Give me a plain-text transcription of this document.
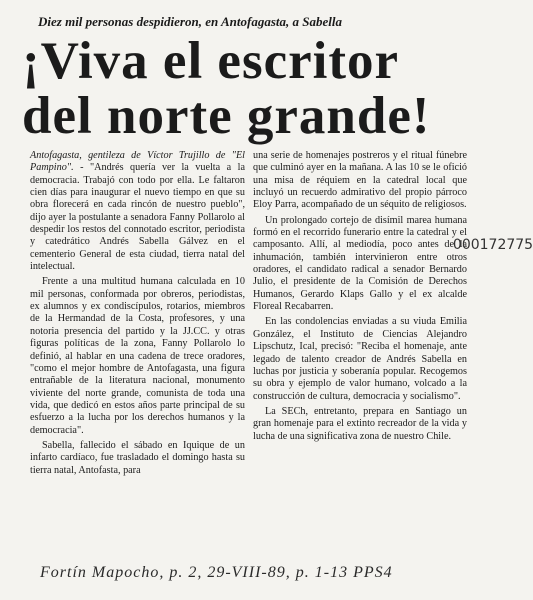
Diez mil personas despidieron, en Antofagasta, a Sabella
¡Viva el escritor
del norte grande!

Antofagasta, gentileza de Víctor Trujillo de "El Pampino". - "Andrés quería ver la vuelta a la democracia. Trabajó con todo por ella. Le faltaron cien días para inaugurar el nuevo tiempo en que su obra florecerá en cada rincón de nuestro pueblo", dijo ayer la postulante a senadora Fanny Pollarolo al despedir los restos del connotado escritor, periodista y catedrático Andrés Sabella Gálvez en el cementerio General de esta ciudad, tierra natal del intelectual.

Frente a una multitud humana calculada en 10 mil personas, conformada por obreros, periodistas, ex alumnos y ex condiscípulos, rotarios, miembros de la Hermandad de la Costa, profesores, y una notoria presencia del partido y la JJ.CC. y otras figuras políticas de la zona, Fanny Pollarolo lo definió, al hablar en una cadena de trece oradores, "como el mejor hombre de Antofagasta, una figura entrañable de la literatura nacional, monumento viviente del norte grande, comunista de toda una vida, que dedicó en estos años parte principal de su esfuerzo a la lucha por los derechos humanos y la democracia".

Sabella, fallecido el sábado en Iquique de un infarto cardíaco, fue trasladado el domingo hasta su tierra natal, Antofasta, para

una serie de homenajes postreros y el ritual fúnebre que culminó ayer en la mañana. A las 10 se le ofició una misa de réquiem en la catedral local que incluyó un recuerdo admirativo del propio párroco Eloy Parra, acompañado de un séquito de religiosos.

Un prolongado cortejo de disímil marea humana formó en el recorrido funerario entre la catedral y el camposanto. Allí, al mediodía, poco antes de la inhumación, también intervinieron entre otros oradores, el candidato radical a senador Bernardo Julio, el presidente de la Comisión de Derechos Humanos, Gerardo Klaps Gallo y el ex alcalde Floreal Recabarren.

En las condolencias enviadas a su viuda Emilia González, el Instituto de Ciencias Alejandro Lipschutz, Ical, precisó: "Reciba el homenaje, ante legado de talento creador de Andrés Sabella en luchas por justicia y soberanía popular. Recogemos su obra y ejemplo de valor humano, volcado a la construcción de cultura, democracia y socialismo".

La SECh, entretanto, prepara en Santiago un gran homenaje para el extinto recreador de la vida y lucha de una significativa zona de nuestro Chile.

000172775
Fortín Mapocho, p. 2, 29-VIII-89, p. 1-13 PPS4
